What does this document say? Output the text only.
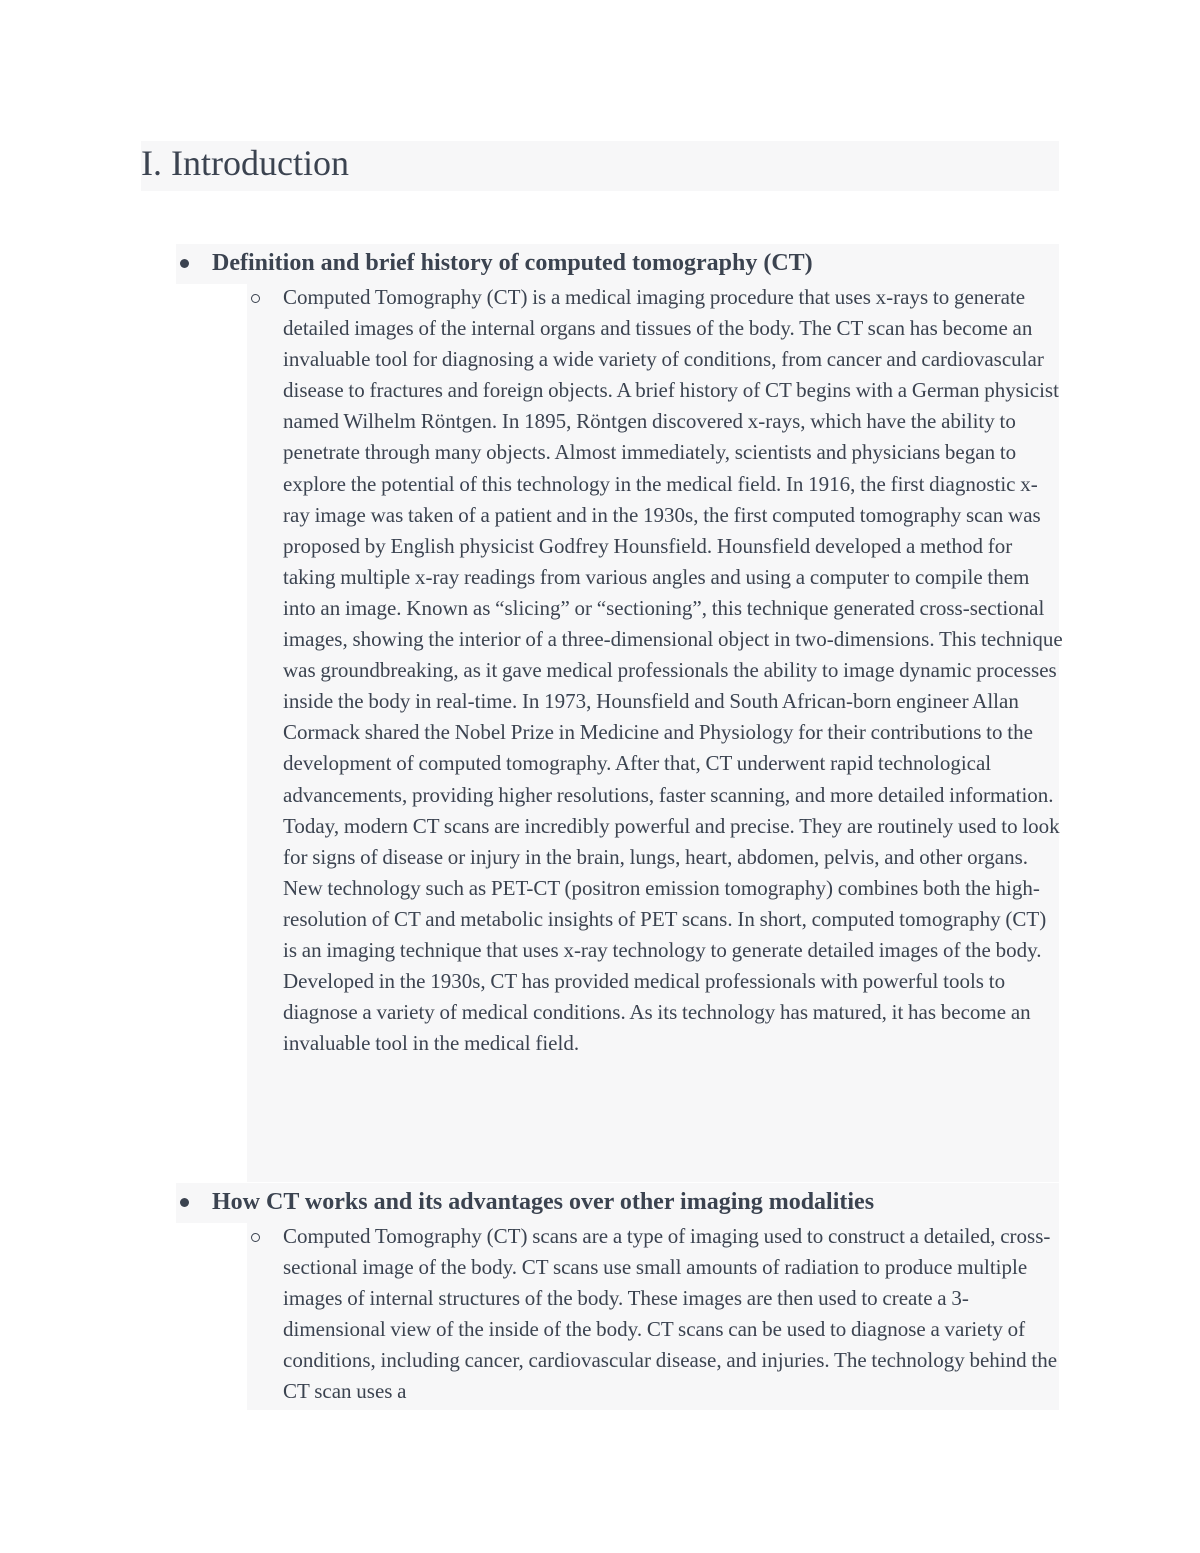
I. Introduction
Definition and brief history of computed tomography (CT)

Computed Tomography (CT) is a medical imaging procedure that uses x-rays to generate detailed images of the internal organs and tissues of the body. The CT scan has become an invaluable tool for diagnosing a wide variety of conditions, from cancer and cardiovascular disease to fractures and foreign objects. A brief history of CT begins with a German physicist named Wilhelm Röntgen. In 1895, Röntgen discovered x-rays, which have the ability to penetrate through many objects. Almost immediately, scientists and physicians began to explore the potential of this technology in the medical field. In 1916, the first diagnostic x-ray image was taken of a patient and in the 1930s, the first computed tomography scan was proposed by English physicist Godfrey Hounsfield. Hounsfield developed a method for taking multiple x-ray readings from various angles and using a computer to compile them into an image. Known as “slicing” or “sectioning”, this technique generated cross-sectional images, showing the interior of a three-dimensional object in two-dimensions. This technique was groundbreaking, as it gave medical professionals the ability to image dynamic processes inside the body in real-time. In 1973, Hounsfield and South African-born engineer Allan Cormack shared the Nobel Prize in Medicine and Physiology for their contributions to the development of computed tomography. After that, CT underwent rapid technological advancements, providing higher resolutions, faster scanning, and more detailed information. Today, modern CT scans are incredibly powerful and precise. They are routinely used to look for signs of disease or injury in the brain, lungs, heart, abdomen, pelvis, and other organs. New technology such as PET-CT (positron emission tomography) combines both the high-resolution of CT and metabolic insights of PET scans. In short, computed tomography (CT) is an imaging technique that uses x-ray technology to generate detailed images of the body. Developed in the 1930s, CT has provided medical professionals with powerful tools to diagnose a variety of medical conditions. As its technology has matured, it has become an invaluable tool in the medical field.

How CT works and its advantages over other imaging modalities

Computed Tomography (CT) scans are a type of imaging used to construct a detailed, cross-sectional image of the body. CT scans use small amounts of radiation to produce multiple images of internal structures of the body. These images are then used to create a 3-dimensional view of the inside of the body. CT scans can be used to diagnose a variety of conditions, including cancer, cardiovascular disease, and injuries. The technology behind the CT scan uses a
